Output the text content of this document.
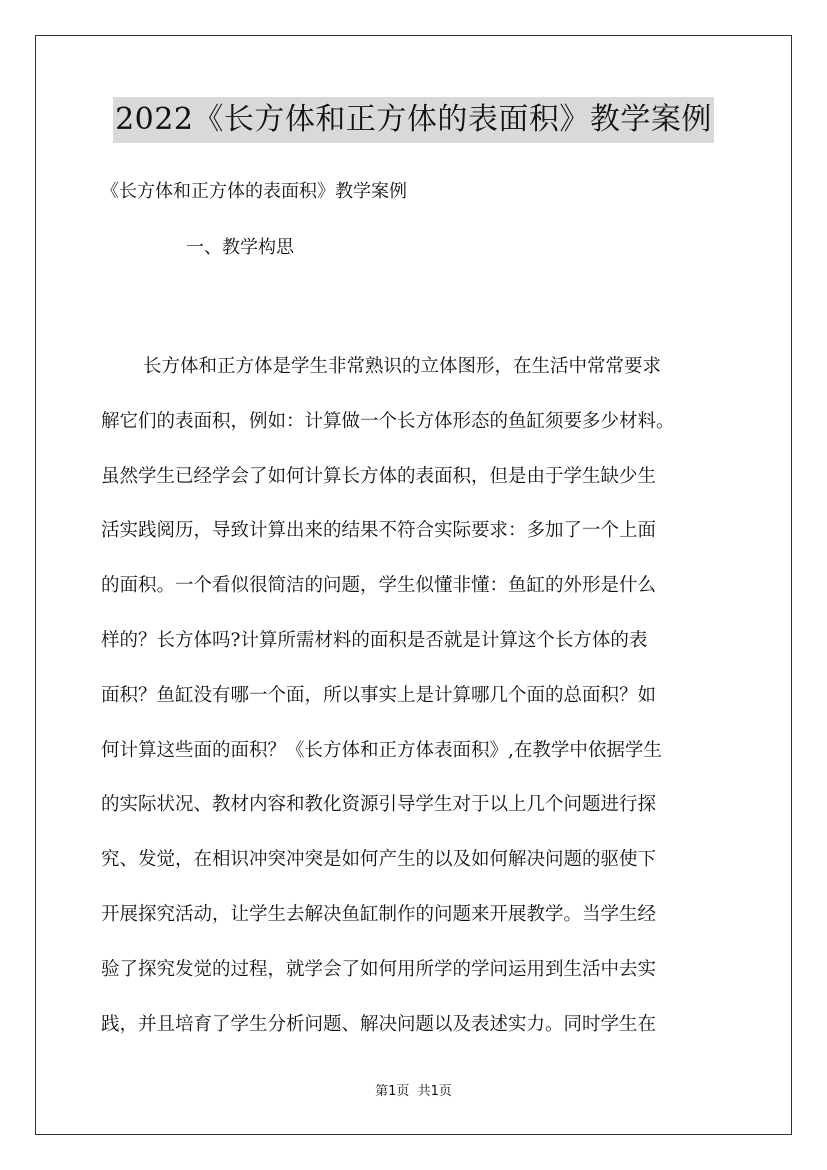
2022《长方体和正方体的表面积》教学案例
《长方体和正方体的表面积》教学案例
一、教学构思
长方体和正方体是学生非常熟识的立体图形，在生活中常常要求
解它们的表面积，例如：计算做一个长方体形态的鱼缸须要多少材料。
虽然学生已经学会了如何计算长方体的表面积，但是由于学生缺少生
活实践阅历，导致计算出来的结果不符合实际要求：多加了一个上面
的面积。一个看似很简洁的问题，学生似懂非懂：鱼缸的外形是什么
样的？长方体吗?计算所需材料的面积是否就是计算这个长方体的表
面积？鱼缸没有哪一个面，所以事实上是计算哪几个面的总面积？如
何计算这些面的面积？《长方体和正方体表面积》,在教学中依据学生
的实际状况、教材内容和教化资源引导学生对于以上几个问题进行探
究、发觉，在相识冲突冲突是如何产生的以及如何解决问题的驱使下
开展探究活动，让学生去解决鱼缸制作的问题来开展教学。当学生经
验了探究发觉的过程，就学会了如何用所学的学问运用到生活中去实
践，并且培育了学生分析问题、解决问题以及表述实力。同时学生在
第1页 共1页
